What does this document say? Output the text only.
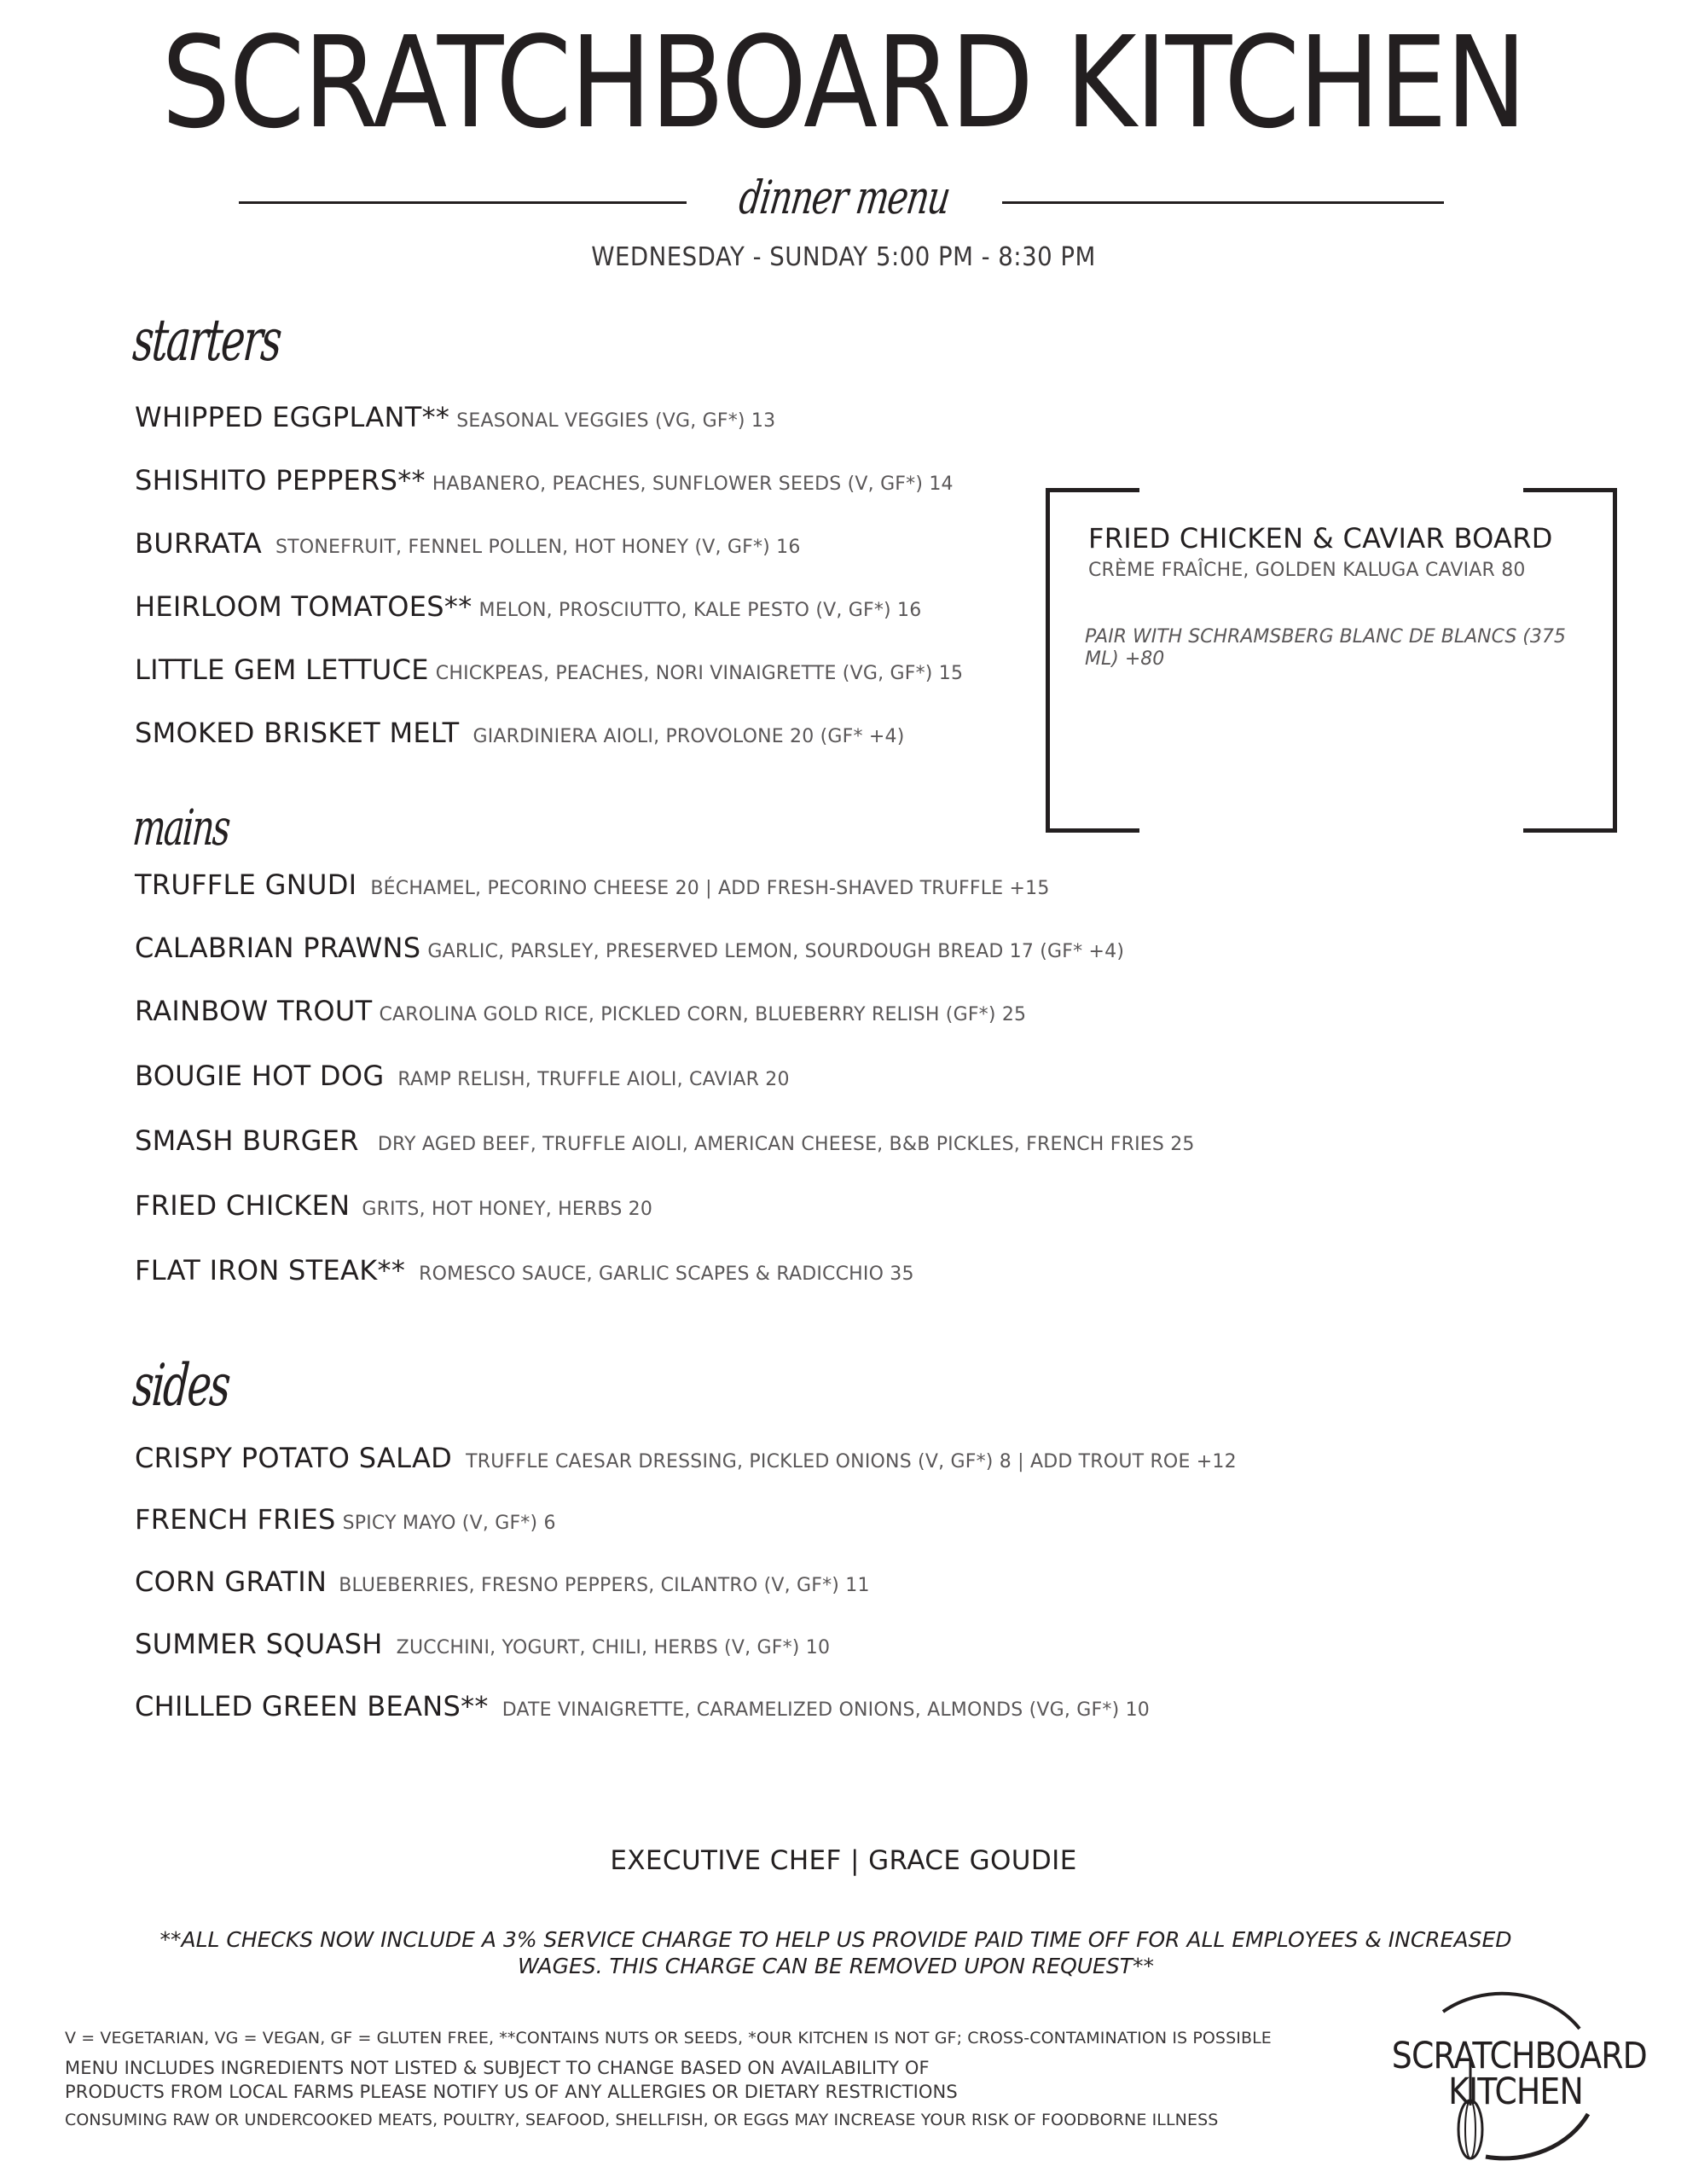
SCRATCHBOARD KITCHEN
dinner menu
WEDNESDAY - SUNDAY 5:00 PM - 8:30 PM
starters
WHIPPED EGGPLANT** SEASONAL VEGGIES (VG, GF*) 13
SHISHITO PEPPERS** HABANERO, PEACHES, SUNFLOWER SEEDS (V, GF*) 14
BURRATA STONEFRUIT, FENNEL POLLEN, HOT HONEY (V, GF*) 16
HEIRLOOM TOMATOES** MELON, PROSCIUTTO, KALE PESTO (V, GF*) 16
LITTLE GEM LETTUCE CHICKPEAS, PEACHES, NORI VINAIGRETTE (VG, GF*) 15
SMOKED BRISKET MELT GIARDINIERA AIOLI, PROVOLONE 20 (GF* +4)
FRIED CHICKEN & CAVIAR BOARD
CRÈME FRAÎCHE, GOLDEN KALUGA CAVIAR 80
PAIR WITH SCHRAMSBERG BLANC DE BLANCS (375 ML) +80
mains
TRUFFLE GNUDI BÉCHAMEL, PECORINO CHEESE 20 | ADD FRESH-SHAVED TRUFFLE +15
CALABRIAN PRAWNS GARLIC, PARSLEY, PRESERVED LEMON, SOURDOUGH BREAD 17 (GF* +4)
RAINBOW TROUT CAROLINA GOLD RICE, PICKLED CORN, BLUEBERRY RELISH (GF*) 25
BOUGIE HOT DOG RAMP RELISH, TRUFFLE AIOLI, CAVIAR 20
SMASH BURGER DRY AGED BEEF, TRUFFLE AIOLI, AMERICAN CHEESE, B&B PICKLES, FRENCH FRIES 25
FRIED CHICKEN GRITS, HOT HONEY, HERBS 20
FLAT IRON STEAK** ROMESCO SAUCE, GARLIC SCAPES & RADICCHIO 35
sides
CRISPY POTATO SALAD TRUFFLE CAESAR DRESSING, PICKLED ONIONS (V, GF*) 8 | ADD TROUT ROE +12
FRENCH FRIES SPICY MAYO (V, GF*) 6
CORN GRATIN BLUEBERRIES, FRESNO PEPPERS, CILANTRO (V, GF*) 11
SUMMER SQUASH ZUCCHINI, YOGURT, CHILI, HERBS (V, GF*) 10
CHILLED GREEN BEANS** DATE VINAIGRETTE, CARAMELIZED ONIONS, ALMONDS (VG, GF*) 10
EXECUTIVE CHEF | GRACE GOUDIE
**ALL CHECKS NOW INCLUDE A 3% SERVICE CHARGE TO HELP US PROVIDE PAID TIME OFF FOR ALL EMPLOYEES & INCREASED WAGES. THIS CHARGE CAN BE REMOVED UPON REQUEST**
V = VEGETARIAN, VG = VEGAN, GF = GLUTEN FREE, **CONTAINS NUTS OR SEEDS, *OUR KITCHEN IS NOT GF; CROSS-CONTAMINATION IS POSSIBLE
MENU INCLUDES INGREDIENTS NOT LISTED & SUBJECT TO CHANGE BASED ON AVAILABILITY OF
PRODUCTS FROM LOCAL FARMS PLEASE NOTIFY US OF ANY ALLERGIES OR DIETARY RESTRICTIONS
CONSUMING RAW OR UNDERCOOKED MEATS, POULTRY, SEAFOOD, SHELLFISH, OR EGGS MAY INCREASE YOUR RISK OF FOODBORNE ILLNESS
SCRATCHBOARD
KITCHEN
